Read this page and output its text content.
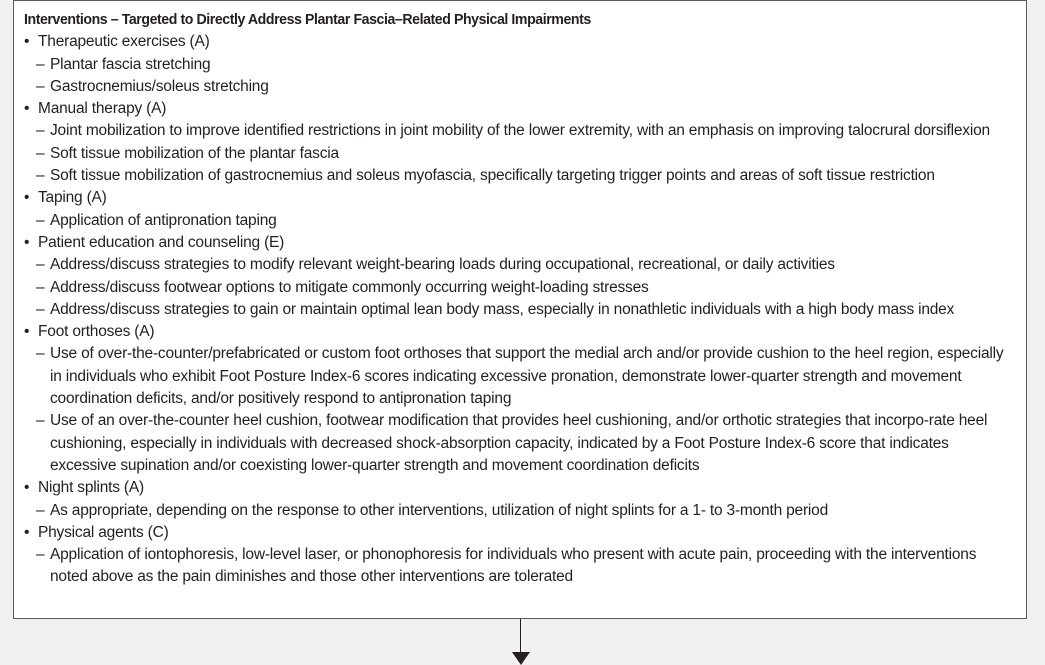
Interventions – Targeted to Directly Address Plantar Fascia–Related Physical Impairments
• Therapeutic exercises (A)
– Plantar fascia stretching
– Gastrocnemius/soleus stretching
• Manual therapy (A)
– Joint mobilization to improve identified restrictions in joint mobility of the lower extremity, with an emphasis on improving talocrural dorsiflexion
– Soft tissue mobilization of the plantar fascia
– Soft tissue mobilization of gastrocnemius and soleus myofascia, specifically targeting trigger points and areas of soft tissue restriction
• Taping (A)
– Application of antipronation taping
• Patient education and counseling (E)
– Address/discuss strategies to modify relevant weight-bearing loads during occupational, recreational, or daily activities
– Address/discuss footwear options to mitigate commonly occurring weight-loading stresses
– Address/discuss strategies to gain or maintain optimal lean body mass, especially in nonathletic individuals with a high body mass index
• Foot orthoses (A)
– Use of over-the-counter/prefabricated or custom foot orthoses that support the medial arch and/or provide cushion to the heel region, especially in individuals who exhibit Foot Posture Index-6 scores indicating excessive pronation, demonstrate lower-quarter strength and movement coordination deficits, and/or positively respond to antipronation taping
– Use of an over-the-counter heel cushion, footwear modification that provides heel cushioning, and/or orthotic strategies that incorpo-rate heel cushioning, especially in individuals with decreased shock-absorption capacity, indicated by a Foot Posture Index-6 score that indicates excessive supination and/or coexisting lower-quarter strength and movement coordination deficits
• Night splints (A)
– As appropriate, depending on the response to other interventions, utilization of night splints for a 1- to 3-month period
• Physical agents (C)
– Application of iontophoresis, low-level laser, or phonophoresis for individuals who present with acute pain, proceeding with the interventions noted above as the pain diminishes and those other interventions are tolerated
